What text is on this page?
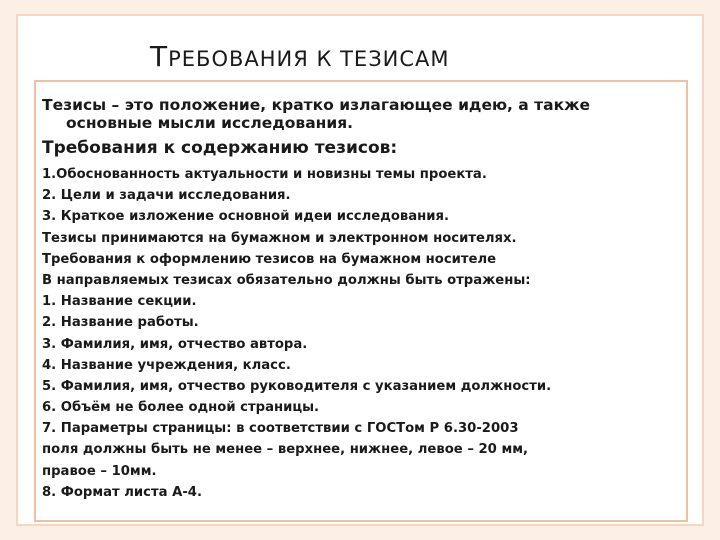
ТРЕБОВАНИЯ К ТЕЗИСАМ
◦

Тезисы – это положение, кратко излагающее идею, а также
основные мысли исследования.

Требования к содержанию тезисов:
1.Обоснованность актуальности и новизны темы проекта.
2. Цели и задачи исследования.
3. Краткое изложение основной идеи исследования.
Тезисы принимаются на бумажном и электронном носителях.
Требования к оформлению тезисов на бумажном носителе
В направляемых тезисах обязательно должны быть отражены:
1. Название секции.
2. Название работы.
3. Фамилия, имя, отчество автора.
4. Название учреждения, класс.
5. Фамилия, имя, отчество руководителя с указанием должности.
6. Объём не более одной страницы.
7. Параметры страницы: в соответствии с ГОСТом Р 6.30-2003
поля должны быть не менее – верхнее, нижнее, левое – 20 мм,
правое – 10мм.
8. Формат листа А-4.
